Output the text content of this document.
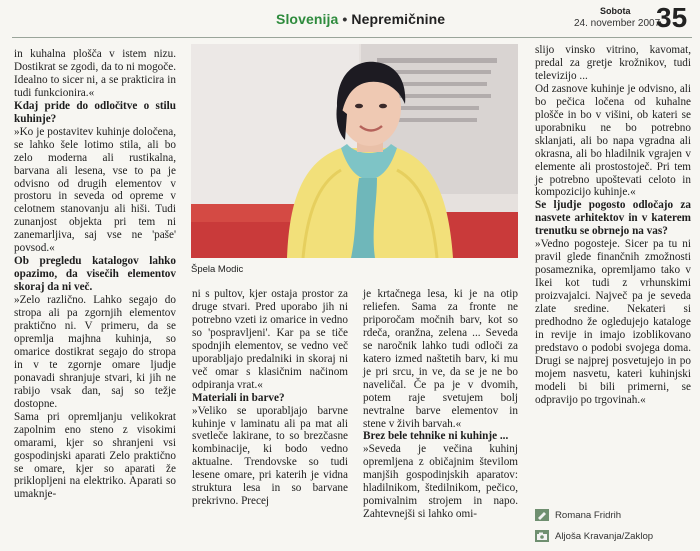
Slovenija • Nepremičnine	Sobota
24. november 2007
35

in kuhalna plošča v istem nizu. Dostikrat se zgodi, da to ni mogoče. Idealno to sicer ni, a se prakticira in tudi funkcionira.«

Kdaj pride do odločitve o stilu kuhinje?

»Ko je postavitev kuhinje določena, se lahko šele lotimo stila, ali bo zelo moderna ali rustikalna, barvana ali lesena, vse to pa je odvisno od drugih elementov v prostoru in seveda od opreme v celotnem stanovanju ali hiši. Tudi zunanjost objekta pri tem ni zanemarljiva, saj vse ne 'paše' povsod.«

Ob pregledu katalogov lahko opazimo, da visečih elementov skoraj da ni več.

»Zelo različno. Lahko segajo do stropa ali pa zgornjih elementov praktično ni. V primeru, da se opremlja majhna kuhinja, so omarice dostikrat segajo do stropa in v te zgornje omare ljudje ponavadi shranjuje stvari, ki jih ne rabijo vsak dan, saj so težje dostopne.

Sama pri opremljanju velikokrat zapolnim eno steno z visokimi omarami, kjer so shranjeni vsi gospodinjski aparati Zelo praktično se omare, kjer so aparati že priklopljeni na elektriko. Aparati so umaknje-

Špela Modic

ni s pultov, kjer ostaja prostor za druge stvari. Pred uporabo jih ni potrebno vzeti iz omarice in vedno so 'pospravljeni'. Kar pa se tiče spodnjih elementov, se vedno več uporabljajo predalniki in skoraj ni več omar s klasičnim načinom odpiranja vrat.«

Materiali in barve?

»Veliko se uporabljajo barvne kuhinje v laminatu ali pa mat ali svetleče lakirane, to so brezčasne kombinacije, ki bodo vedno aktualne. Trendovske so tudi lesene omare, pri katerih je vidna struktura lesa in so barvane prekrivno. Precej

je krtačnega lesa, ki je na otip reliefen. Sama za fronte ne priporočam močnih barv, kot so rdeča, oranžna, zelena ... Seveda se naročnik lahko tudi odloči za katero izmed naštetih barv, ki mu je pri srcu, in ve, da se je ne bo naveličal. Če pa je v dvomih, potem raje svetujem bolj nevtralne barve elementov in stene v živih barvah.«

Brez bele tehnike ni kuhinje ...

»Seveda je večina kuhinj opremljena z običajnim številom manjših gospodinjskih aparatov: hladilnikom, štedilnikom, pečico, pomivalnim strojem in napo. Zahtevnejši si lahko omi-

slijo vinsko vitrino, kavomat, predal za gretje krožnikov, tudi televizijo ...

Od zasnove kuhinje je odvisno, ali bo pečica ločena od kuhalne plošče in bo v višini, ob kateri se uporabniku ne bo potrebno sklanjati, ali bo napa vgradna ali okrasna, ali bo hladilnik vgrajen v elemente ali prostostoječ. Pri tem je potrebno upoštevati celoto in kompozicijo kuhinje.«

Se ljudje pogosto odločajo za nasvete arhitektov in v katerem trenutku se obrnejo na vas?

»Vedno pogosteje. Sicer pa tu ni pravil glede finančnih zmožnosti posameznika, opremljamo tako v Ikei kot tudi z vrhunskimi proizvajalci. Največ pa je seveda zlate sredine. Nekateri si predhodno že ogledujejo kataloge in revije in imajo izoblikovano predstavo o podobi svojega doma. Drugi se najprej posvetujejo in po mojem nasvetu, kateri kuhinjski modeli bi bili primerni, se odpravijo po trgovinah.«

Romana Fridrih
Aljoša Kravanja/Zaklop
